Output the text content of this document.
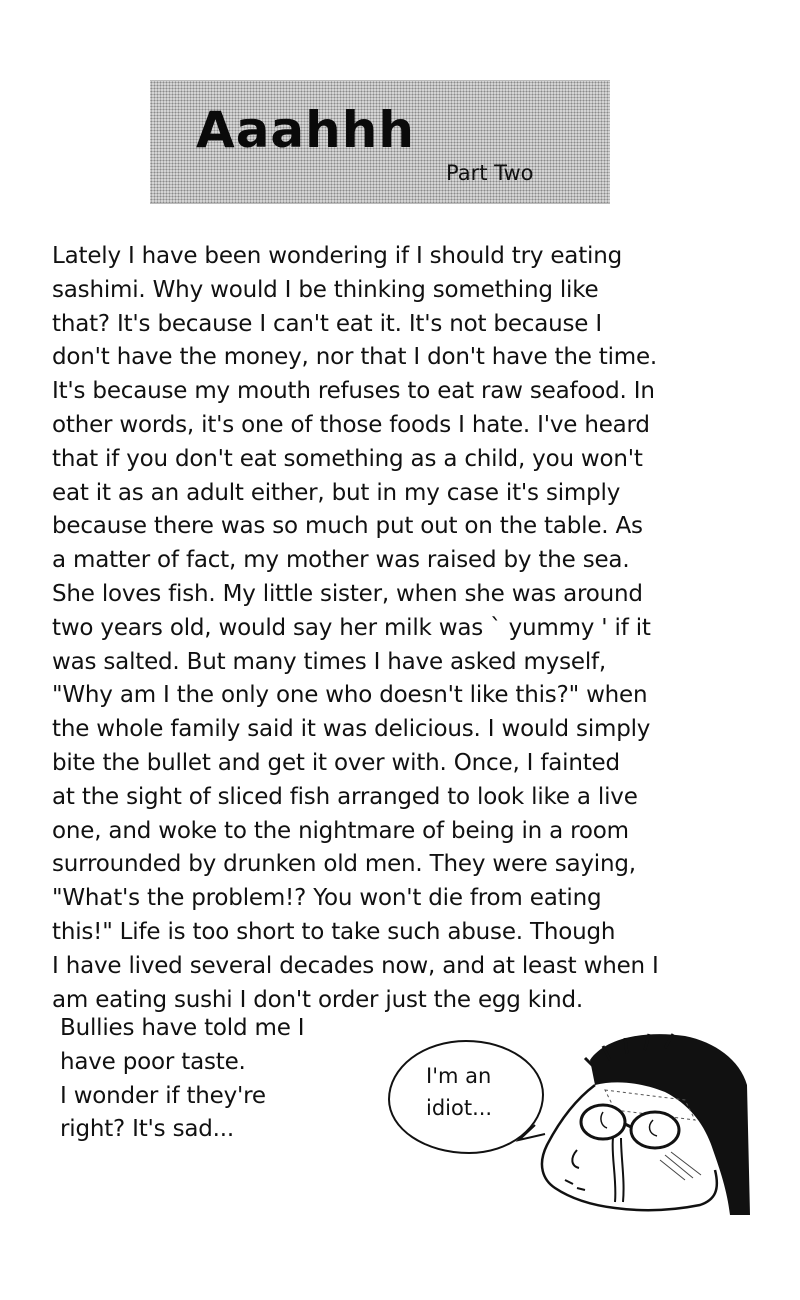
Aaahhh
Part Two
Lately I have been wondering if I should try eating
sashimi. Why would I be thinking something like
that? It's because I can't eat it. It's not because I
don't have the money, nor that I don't have the time.
It's because my mouth refuses to eat raw seafood. In
other words, it's one of those foods I hate. I've heard
that if you don't eat something as a child, you won't
eat it as an adult either, but in my case it's simply
because there was so much put out on the table. As
a matter of fact, my mother was raised by the sea.
She loves fish. My little sister, when she was around
two years old, would say her milk was ` yummy ' if it
was salted. But many times I have asked myself,
"Why am I the only one who doesn't like this?" when
the whole family said it was delicious. I would simply
bite the bullet and get it over with. Once, I fainted
at the sight of sliced fish arranged to look like a live
one, and woke to the nightmare of being in a room
surrounded by drunken old men. They were saying,
"What's the problem!? You won't die from eating
this!" Life is too short to take such abuse. Though
I have lived several decades now, and at least when I
am eating sushi I don't order just the egg kind.
Bullies have told me I
have poor taste.
I wonder if they're
right? It's sad...
I'm an
idiot...
